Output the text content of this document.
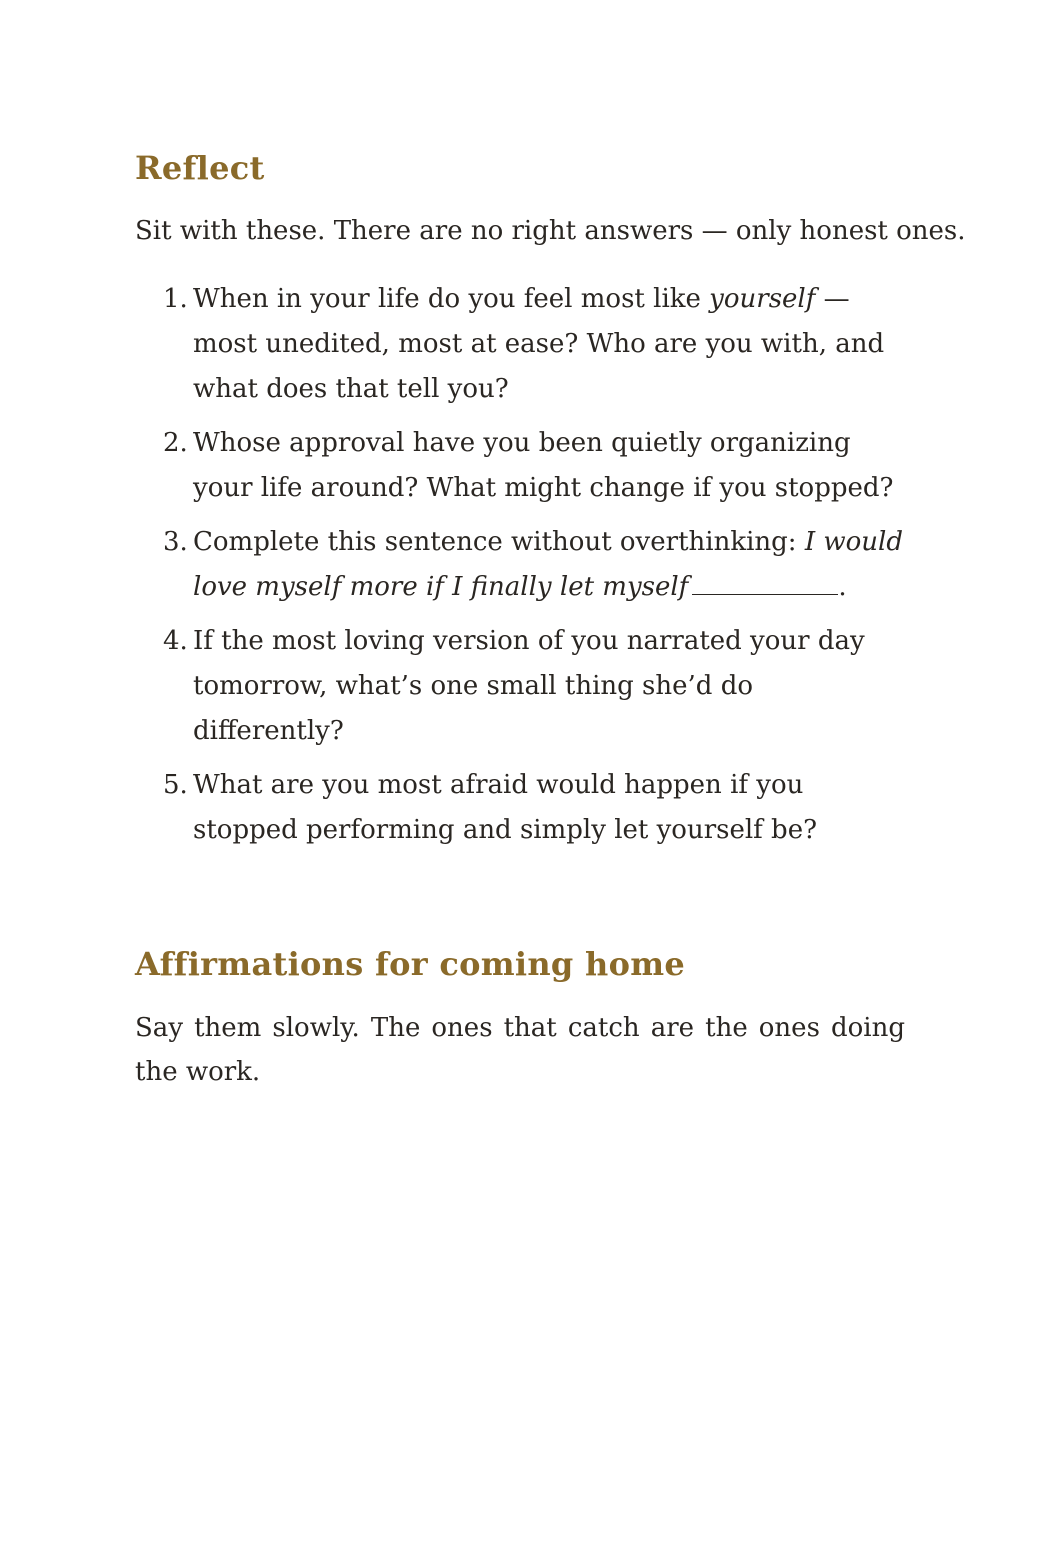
Reflect

Sit with these. There are no right answers — only honest ones.

1. When in your life do you feel most like yourself — most unedited, most at ease? Who are you with, and what does that tell you?
2. Whose approval have you been quietly organizing your life around? What might change if you stopped?
3. Complete this sentence without overthinking: I would love myself more if I finally let myself	.
4. If the most loving version of you narrated your day tomorrow, what’s one small thing she’d do differently?
5. What are you most afraid would happen if you stopped performing and simply let yourself be?
Affirmations for coming home

Say them slowly. The ones that catch are the ones doing the work.
